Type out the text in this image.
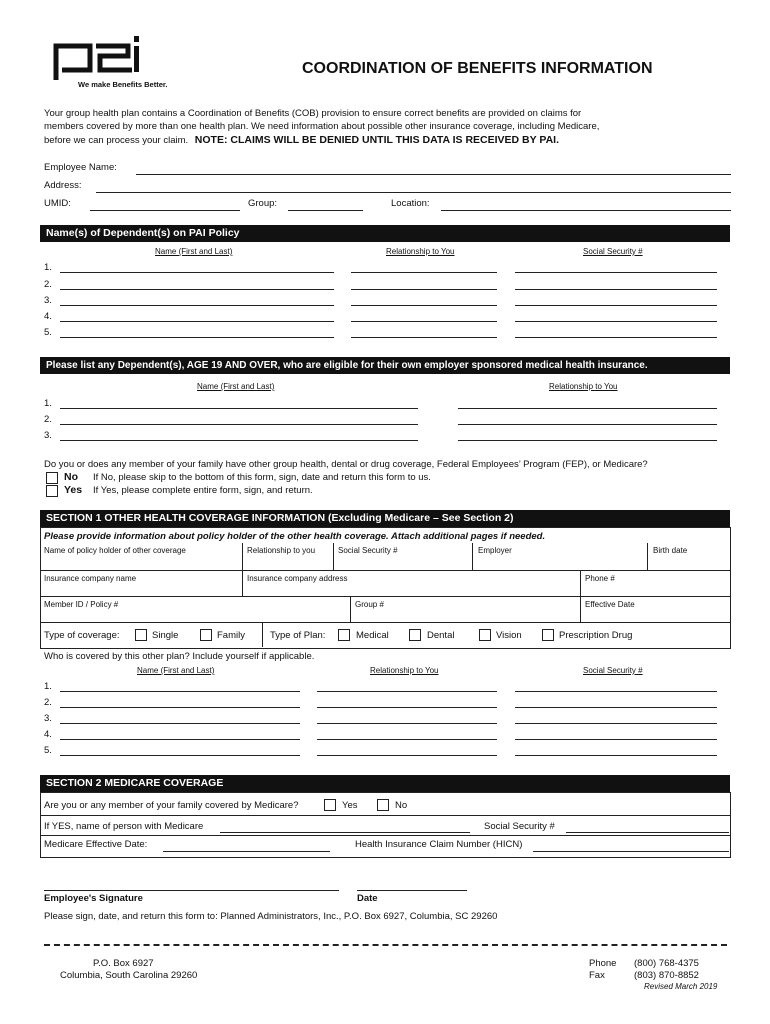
We make Benefits Better.
COORDINATION OF BENEFITS INFORMATION
Your group health plan contains a Coordination of Benefits (COB) provision to ensure correct benefits are provided on claims for
members covered by more than one health plan. We need information about possible other insurance coverage, including Medicare,
before we can process your claim. NOTE: CLAIMS WILL BE DENIED UNTIL THIS DATA IS RECEIVED BY PAI.
Employee Name:
Address:
UMID:	Group:	Location:
Name(s) of Dependent(s) on PAI Policy
Name (First and Last)	Relationship to You	Social Security #
1.
2.
3.
4.
5.
Please list any Dependent(s), AGE 19 AND OVER, who are eligible for their own employer sponsored medical health insurance.
Name (First and Last)	Relationship to You
1.
2.
3.
Do you or does any member of your family have other group health, dental or drug coverage, Federal Employees’ Program (FEP), or Medicare?
No If No, please skip to the bottom of this form, sign, date and return this form to us.
Yes If Yes, please complete entire form, sign, and return.
SECTION 1 OTHER HEALTH COVERAGE INFORMATION (Excluding Medicare – See Section 2)
Please provide information about policy holder of the other health coverage. Attach additional pages if needed.
Name of policy holder of other coverage	Relationship to you	Social Security #	Employer	Birth date
Insurance company name	Insurance company address	Phone #
Member ID / Policy #	Group #	Effective Date
Type of coverage:	Single	Family	Type of Plan:	Medical	Dental	Vision	Prescription Drug
Who is covered by this other plan? Include yourself if applicable.
Name (First and Last)	Relationship to You	Social Security #
1.
2.
3.
4.
5.
SECTION 2 MEDICARE COVERAGE
Are you or any member of your family covered by Medicare?	Yes	No
If YES, name of person with Medicare	Social Security #
Medicare Effective Date:	Health Insurance Claim Number (HICN)
Employee's Signature	Date
Please sign, date, and return this form to: Planned Administrators, Inc., P.O. Box 6927, Columbia, SC 29260
P.O. Box 6927
Columbia, South Carolina 29260
Phone (800) 768-4375
Fax	(803) 870-8852
Revised March 2019
